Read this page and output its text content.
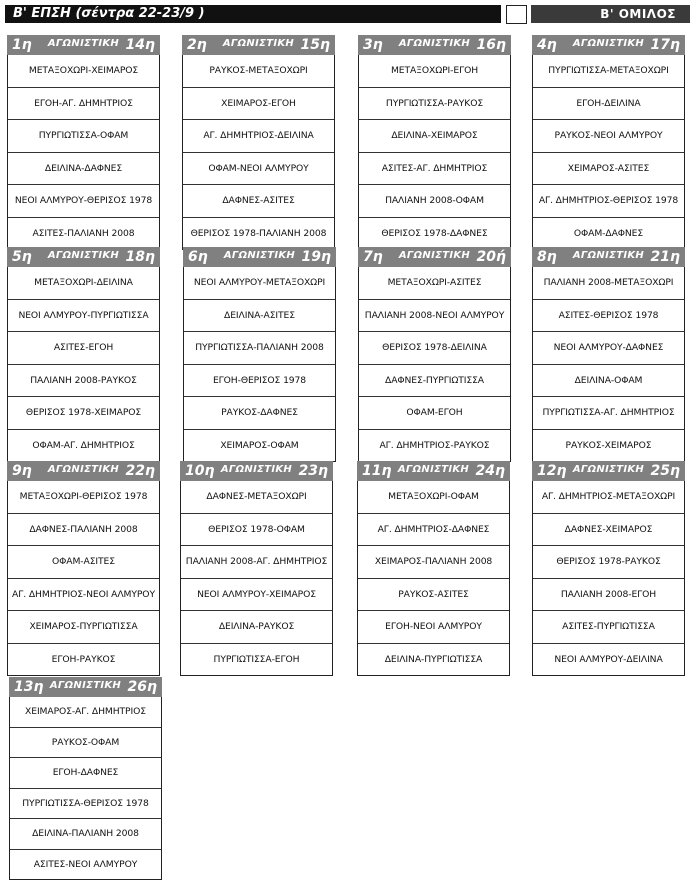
Β' ΕΠΣΗ (σέντρα 22-23/9 )	Β' ΟΜΙΛΟΣ
1η	ΑΓΩΝΙΣΤΙΚΗ 14η
ΜΕΤΑΞΟΧΩΡΙ-ΧΕΙΜΑΡΟΣ
ΕΓΟΗ-ΑΓ. ΔΗΜΗΤΡΙΟΣ
ΠΥΡΓΙΩΤΙΣΣΑ-ΟΦΑΜ
ΔΕΙΛΙΝΑ-ΔΑΦΝΕΣ
ΝΕΟΙ ΑΛΜΥΡΟΥ-ΘΕΡΙΣΟΣ 1978
ΑΣΙΤΕΣ-ΠΑΛΙΑΝΗ 2008
2η	ΑΓΩΝΙΣΤΙΚΗ 15η
ΡΑΥΚΟΣ-ΜΕΤΑΞΟΧΩΡΙ
ΧΕΙΜΑΡΟΣ-ΕΓΟΗ
ΑΓ. ΔΗΜΗΤΡΙΟΣ-ΔΕΙΛΙΝΑ
ΟΦΑΜ-ΝΕΟΙ ΑΛΜΥΡΟΥ
ΔΑΦΝΕΣ-ΑΣΙΤΕΣ
ΘΕΡΙΣΟΣ 1978-ΠΑΛΙΑΝΗ 2008
3η	ΑΓΩΝΙΣΤΙΚΗ 16η
ΜΕΤΑΞΟΧΩΡΙ-ΕΓΟΗ
ΠΥΡΓΙΩΤΙΣΣΑ-ΡΑΥΚΟΣ
ΔΕΙΛΙΝΑ-ΧΕΙΜΑΡΟΣ
ΑΣΙΤΕΣ-ΑΓ. ΔΗΜΗΤΡΙΟΣ
ΠΑΛΙΑΝΗ 2008-ΟΦΑΜ
ΘΕΡΙΣΟΣ 1978-ΔΑΦΝΕΣ
4η	ΑΓΩΝΙΣΤΙΚΗ 17η
ΠΥΡΓΙΩΤΙΣΣΑ-ΜΕΤΑΞΟΧΩΡΙ
ΕΓΟΗ-ΔΕΙΛΙΝΑ
ΡΑΥΚΟΣ-ΝΕΟΙ ΑΛΜΥΡΟΥ
ΧΕΙΜΑΡΟΣ-ΑΣΙΤΕΣ
ΑΓ. ΔΗΜΗΤΡΙΟΣ-ΘΕΡΙΣΟΣ 1978
ΟΦΑΜ-ΔΑΦΝΕΣ
5η	ΑΓΩΝΙΣΤΙΚΗ 18η
ΜΕΤΑΞΟΧΩΡΙ-ΔΕΙΛΙΝΑ
ΝΕΟΙ ΑΛΜΥΡΟΥ-ΠΥΡΓΙΩΤΙΣΣΑ
ΑΣΙΤΕΣ-ΕΓΟΗ
ΠΑΛΙΑΝΗ 2008-ΡΑΥΚΟΣ
ΘΕΡΙΣΟΣ 1978-ΧΕΙΜΑΡΟΣ
ΟΦΑΜ-ΑΓ. ΔΗΜΗΤΡΙΟΣ
6η	ΑΓΩΝΙΣΤΙΚΗ 19η
ΝΕΟΙ ΑΛΜΥΡΟΥ-ΜΕΤΑΞΟΧΩΡΙ
ΔΕΙΛΙΝΑ-ΑΣΙΤΕΣ
ΠΥΡΓΙΩΤΙΣΣΑ-ΠΑΛΙΑΝΗ 2008
ΕΓΟΗ-ΘΕΡΙΣΟΣ 1978
ΡΑΥΚΟΣ-ΔΑΦΝΕΣ
ΧΕΙΜΑΡΟΣ-ΟΦΑΜ
7η	ΑΓΩΝΙΣΤΙΚΗ 20ή
ΜΕΤΑΞΟΧΩΡΙ-ΑΣΙΤΕΣ
ΠΑΛΙΑΝΗ 2008-ΝΕΟΙ ΑΛΜΥΡΟΥ
ΘΕΡΙΣΟΣ 1978-ΔΕΙΛΙΝΑ
ΔΑΦΝΕΣ-ΠΥΡΓΙΩΤΙΣΣΑ
ΟΦΑΜ-ΕΓΟΗ
ΑΓ. ΔΗΜΗΤΡΙΟΣ-ΡΑΥΚΟΣ
8η	ΑΓΩΝΙΣΤΙΚΗ 21η
ΠΑΛΙΑΝΗ 2008-ΜΕΤΑΞΟΧΩΡΙ
ΑΣΙΤΕΣ-ΘΕΡΙΣΟΣ 1978
ΝΕΟΙ ΑΛΜΥΡΟΥ-ΔΑΦΝΕΣ
ΔΕΙΛΙΝΑ-ΟΦΑΜ
ΠΥΡΓΙΩΤΙΣΣΑ-ΑΓ. ΔΗΜΗΤΡΙΟΣ
ΡΑΥΚΟΣ-ΧΕΙΜΑΡΟΣ
9η	ΑΓΩΝΙΣΤΙΚΗ 22η
ΜΕΤΑΞΟΧΩΡΙ-ΘΕΡΙΣΟΣ 1978
ΔΑΦΝΕΣ-ΠΑΛΙΑΝΗ 2008
ΟΦΑΜ-ΑΣΙΤΕΣ
ΑΓ. ΔΗΜΗΤΡΙΟΣ-ΝΕΟΙ ΑΛΜΥΡΟΥ
ΧΕΙΜΑΡΟΣ-ΠΥΡΓΙΩΤΙΣΣΑ
ΕΓΟΗ-ΡΑΥΚΟΣ
10η ΑΓΩΝΙΣΤΙΚΗ 23η
ΔΑΦΝΕΣ-ΜΕΤΑΞΟΧΩΡΙ
ΘΕΡΙΣΟΣ 1978-ΟΦΑΜ
ΠΑΛΙΑΝΗ 2008-ΑΓ. ΔΗΜΗΤΡΙΟΣ
ΝΕΟΙ ΑΛΜΥΡΟΥ-ΧΕΙΜΑΡΟΣ
ΔΕΙΛΙΝΑ-ΡΑΥΚΟΣ
ΠΥΡΓΙΩΤΙΣΣΑ-ΕΓΟΗ
11η ΑΓΩΝΙΣΤΙΚΗ 24η
ΜΕΤΑΞΟΧΩΡΙ-ΟΦΑΜ
ΑΓ. ΔΗΜΗΤΡΙΟΣ-ΔΑΦΝΕΣ
ΧΕΙΜΑΡΟΣ-ΠΑΛΙΑΝΗ 2008
ΡΑΥΚΟΣ-ΑΣΙΤΕΣ
ΕΓΟΗ-ΝΕΟΙ ΑΛΜΥΡΟΥ
ΔΕΙΛΙΝΑ-ΠΥΡΓΙΩΤΙΣΣΑ
12η ΑΓΩΝΙΣΤΙΚΗ 25η
ΑΓ. ΔΗΜΗΤΡΙΟΣ-ΜΕΤΑΞΟΧΩΡΙ
ΔΑΦΝΕΣ-ΧΕΙΜΑΡΟΣ
ΘΕΡΙΣΟΣ 1978-ΡΑΥΚΟΣ
ΠΑΛΙΑΝΗ 2008-ΕΓΟΗ
ΑΣΙΤΕΣ-ΠΥΡΓΙΩΤΙΣΣΑ
ΝΕΟΙ ΑΛΜΥΡΟΥ-ΔΕΙΛΙΝΑ
13η ΑΓΩΝΙΣΤΙΚΗ 26η
ΧΕΙΜΑΡΟΣ-ΑΓ. ΔΗΜΗΤΡΙΟΣ
ΡΑΥΚΟΣ-ΟΦΑΜ
ΕΓΟΗ-ΔΑΦΝΕΣ
ΠΥΡΓΙΩΤΙΣΣΑ-ΘΕΡΙΣΟΣ 1978
ΔΕΙΛΙΝΑ-ΠΑΛΙΑΝΗ 2008
ΑΣΙΤΕΣ-ΝΕΟΙ ΑΛΜΥΡΟΥ
